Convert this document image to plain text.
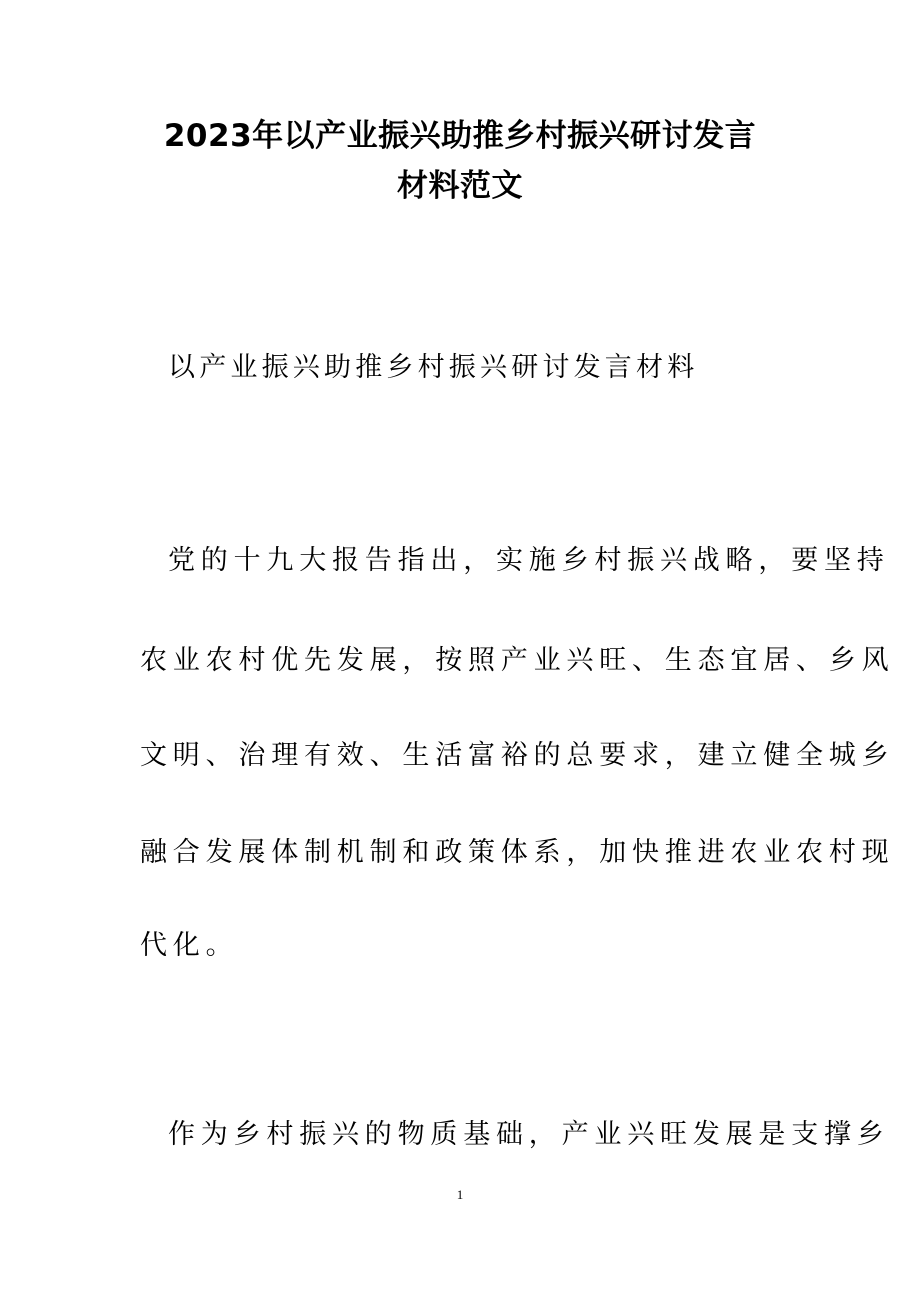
2023年以产业振兴助推乡村振兴研讨发言
材料范文
以产业振兴助推乡村振兴研讨发言材料
党的十九大报告指出，实施乡村振兴战略，要坚持
农业农村优先发展，按照产业兴旺、生态宜居、乡风
文明、治理有效、生活富裕的总要求，建立健全城乡
融合发展体制机制和政策体系，加快推进农业农村现
代化。
作为乡村振兴的物质基础，产业兴旺发展是支撑乡
1
